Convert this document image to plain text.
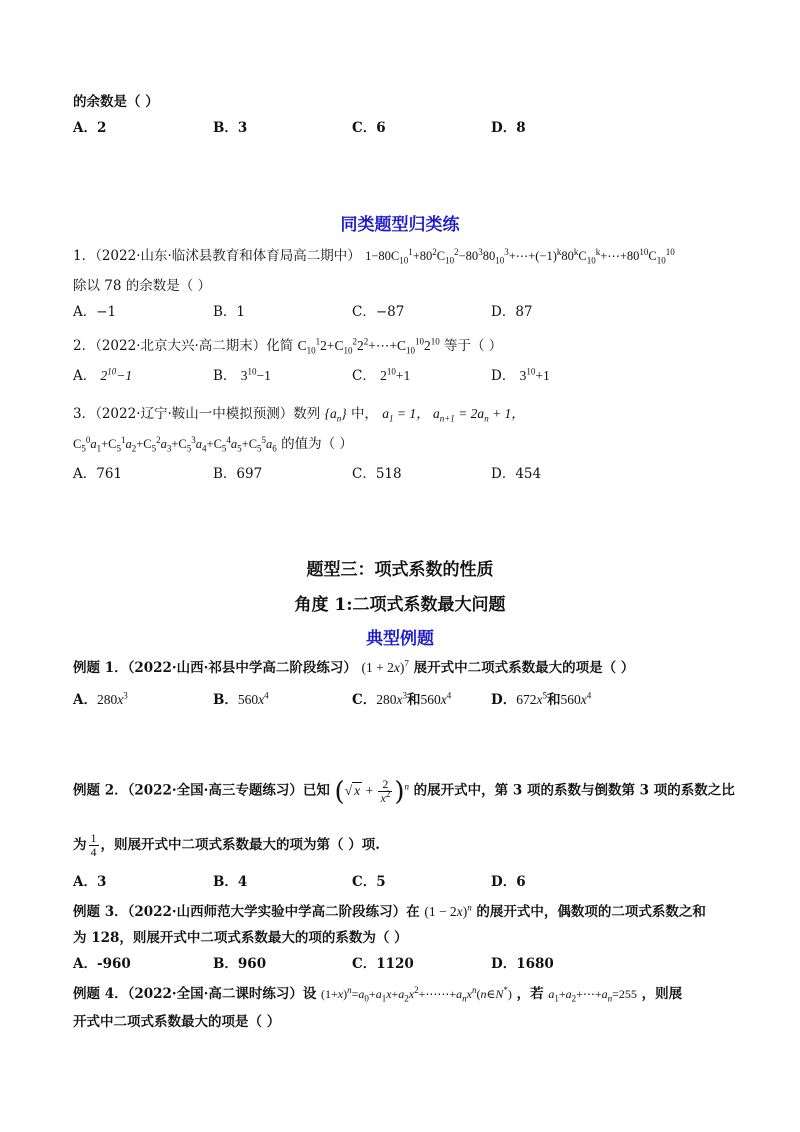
的余数是（ ）
A．2	B．3	C．6	D．8
同类题型归类练
1．（2022·山东·临沭县教育和体育局高二期中） $1-80C_{10}^1+80^2C_{10}^2-80^380_{10}^3+\cdots+(-1)^k80^kC_{10}^k+\cdots+80^{10}C_{10}^{10}$
除以 78 的余数是（ ）
A．−1	B．1	C．−87	D．87
2．（2022·北京大兴·高二期末）化简 $C_{10}^12+C_{10}^22^2+\cdots+C_{10}^{10}2^{10}$ 等于（ ）
A． $2^{10}-1$	B． $3^{10}-1$	C． $2^{10}+1$	D． $3^{10}+1$
3．（2022·辽宁·鞍山一中模拟预测）数列 $\{a_n\}$ 中， $a_1 = 1$， $a_{n+1} = 2a_n + 1$，
$C_5^0a_1+C_5^1a_2+C_5^2a_3+C_5^3a_4+C_5^4a_5+C_5^5a_6$ 的值为（ ）
A．761	B．697	C．518	D．454
题型三：项式系数的性质
角度 1:二项式系数最大问题
典型例题
例题 1．（2022·山西·祁县中学高二阶段练习） $(1 + 2x)^7$ 展开式中二项式系数最大的项是（ ）
A．$280x^3$	B．$560x^4$	C．$280x^3$和$560x^4$	D．$672x^5$和$560x^4$
例题 2．（2022·全国·高三专题练习）已知 (√ $x + \frac{2}{x^2} )^n$ 的展开式中，第 3 项的系数与倒数第 3 项的系数之比
为 $\frac{1}{4}$ ，则展开式中二项式系数最大的项为第（ ）项.
A．3	B．4	C．5	D．6
例题 3．（2022·山西师范大学实验中学高二阶段练习）在 $(1 - 2x)^n$ 的展开式中，偶数项的二项式系数之和
为 128，则展开式中二项式系数最大的项的系数为（ ）
A．-960	B．960	C．1120	D．1680
例题 4．（2022·全国·高二课时练习）设 $(1+x)^n=a_0+a_1x+a_2x^2+\cdots\cdots+a_nx^n(n\in N^*)$ ，若 $a_1+a_2+\cdots+a_n=255$ ，则展
开式中二项式系数最大的项是（ ）
